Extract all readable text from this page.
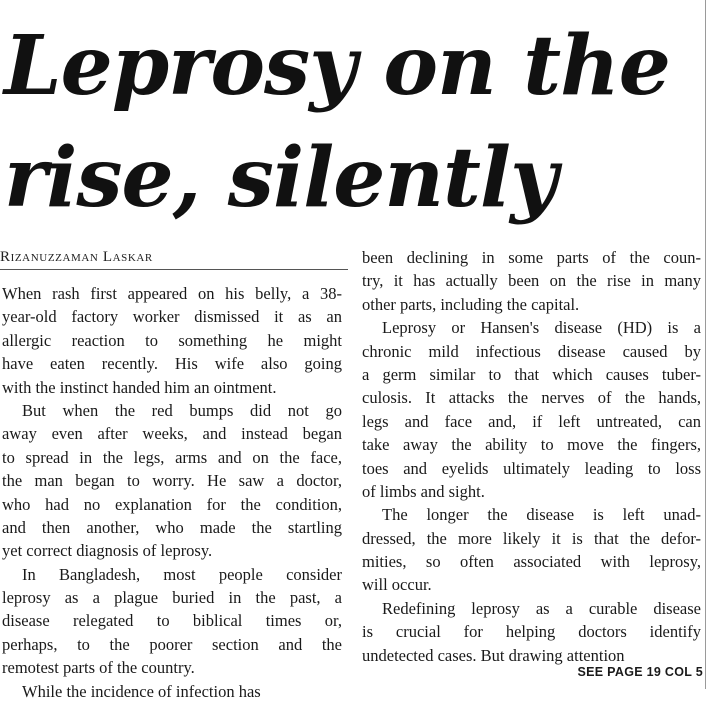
Leprosy on the
rise, silently
Rizanuzzaman Laskar
When rash first appeared on his belly, a 38-
year-old factory worker dismissed it as an
allergic reaction to something he might
have eaten recently. His wife also going
with the instinct handed him an ointment.
But when the red bumps did not go
away even after weeks, and instead began
to spread in the legs, arms and on the face,
the man began to worry. He saw a doctor,
who had no explanation for the condition,
and then another, who made the startling
yet correct diagnosis of leprosy.
In Bangladesh, most people consider
leprosy as a plague buried in the past, a
disease relegated to biblical times or,
perhaps, to the poorer section and the
remotest parts of the country.
While the incidence of infection has
been declining in some parts of the coun-
try, it has actually been on the rise in many
other parts, including the capital.
Leprosy or Hansen's disease (HD) is a
chronic mild infectious disease caused by
a germ similar to that which causes tuber-
culosis. It attacks the nerves of the hands,
legs and face and, if left untreated, can
take away the ability to move the fingers,
toes and eyelids ultimately leading to loss
of limbs and sight.
The longer the disease is left unad-
dressed, the more likely it is that the defor-
mities, so often associated with leprosy,
will occur.
Redefining leprosy as a curable disease
is crucial for helping doctors identify
undetected cases. But drawing attention
SEE PAGE 19 COL 5
